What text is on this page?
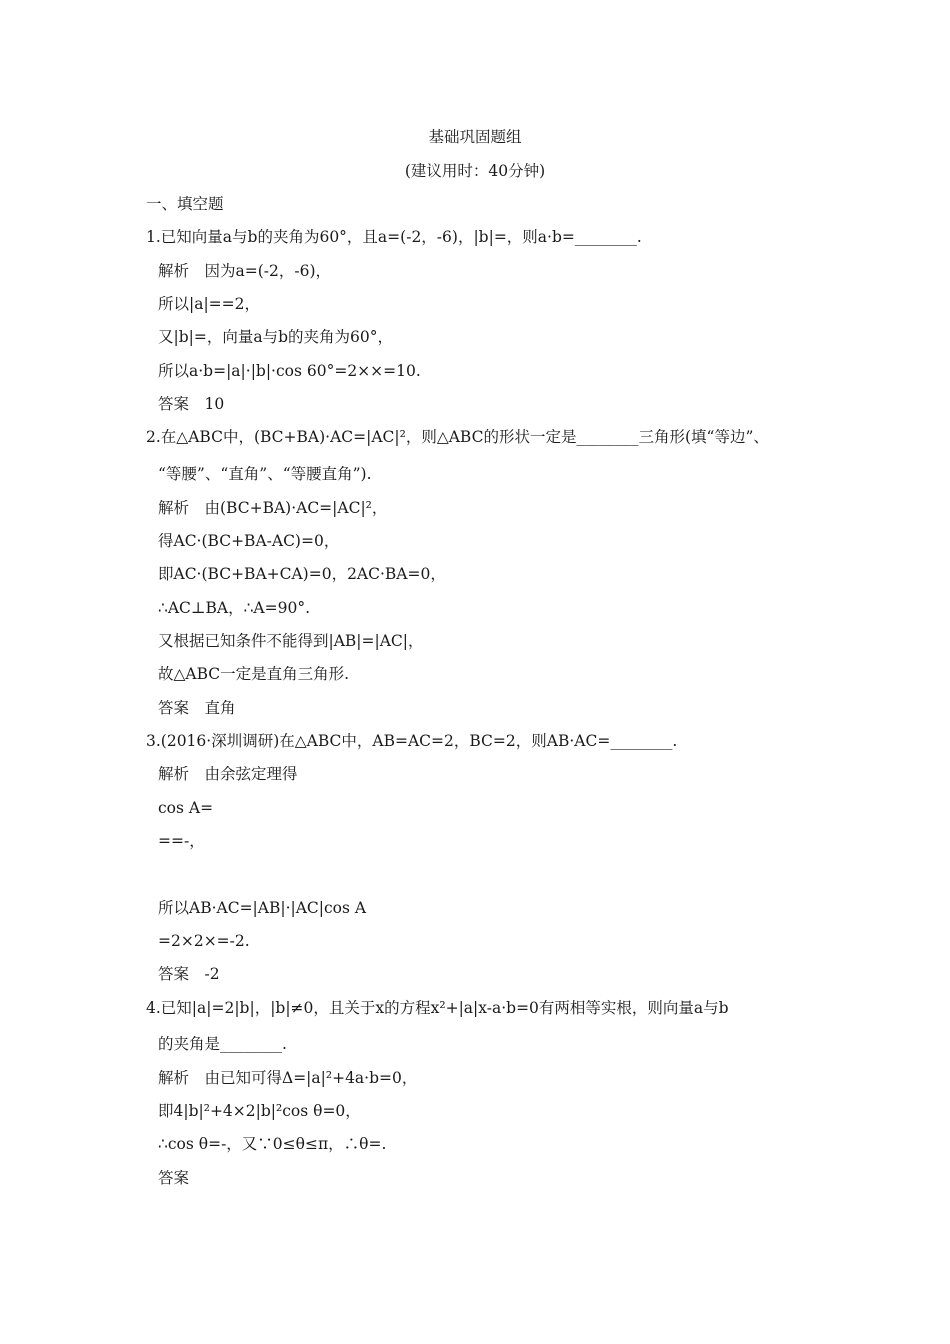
基础巩固题组
(建议用时：40分钟)
一、填空题
1.已知向量a与b的夹角为60°，且a=(-2，-6)，|b|=，则a·b=________.
解析　因为a=(-2，-6)，
所以|a|==2，
又|b|=，向量a与b的夹角为60°，
所以a·b=|a|·|b|·cos 60°=2××=10.
答案　10
2.在△ABC中，(BC+BA)·AC=|AC|²，则△ABC的形状一定是________三角形(填“等边”、
“等腰”、“直角”、“等腰直角”).
解析　由(BC+BA)·AC=|AC|²，
得AC·(BC+BA-AC)=0，
即AC·(BC+BA+CA)=0，2AC·BA=0，
∴AC⊥BA，∴A=90°.
又根据已知条件不能得到|AB|=|AC|，
故△ABC一定是直角三角形.
答案　直角
3.(2016·深圳调研)在△ABC中，AB=AC=2，BC=2，则AB·AC=________.
解析　由余弦定理得
cos A=
==-，
所以AB·AC=|AB|·|AC|cos A
=2×2×=-2.
答案　-2
4.已知|a|=2|b|，|b|≠0，且关于x的方程x²+|a|x-a·b=0有两相等实根，则向量a与b
的夹角是________.
解析　由已知可得Δ=|a|²+4a·b=0，
即4|b|²+4×2|b|²cos θ=0，
∴cos θ=-，又∵0≤θ≤π，∴θ=.
答案
